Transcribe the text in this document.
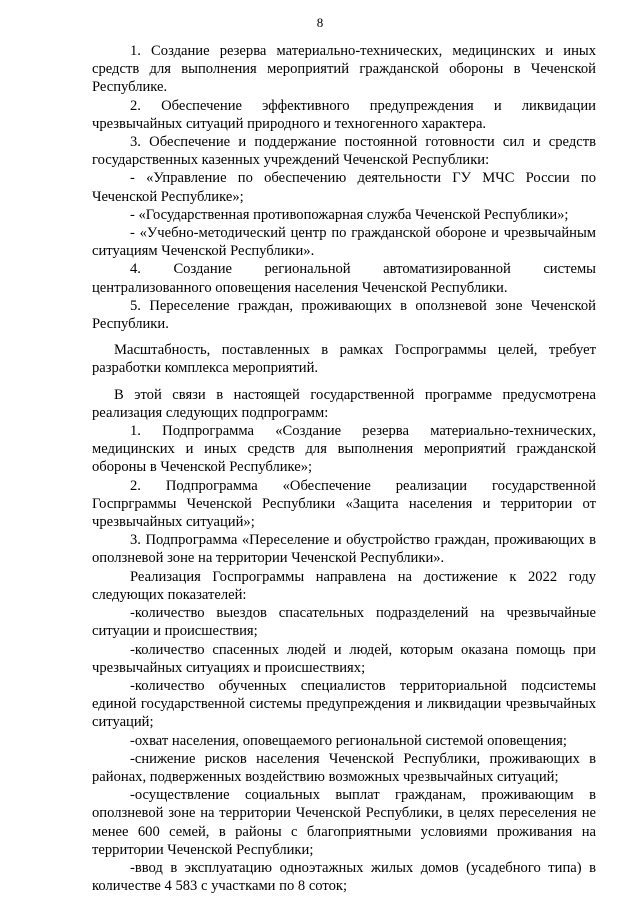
8

1. Создание резерва материально-технических, медицинских и иных средств для выполнения мероприятий гражданской обороны в Чеченской Республике.

2. Обеспечение эффективного предупреждения и ликвидации чрезвычайных ситуаций природного и техногенного характера.

3. Обеспечение и поддержание постоянной готовности сил и средств государственных казенных учреждений Чеченской Республики:

- «Управление по обеспечению деятельности ГУ МЧС России по Чеченской Республике»;

- «Государственная противопожарная служба Чеченской Республики»;

- «Учебно-методический центр по гражданской обороне и чрезвычайным ситуациям Чеченской Республики».

4. Создание региональной автоматизированной системы централизованного оповещения населения Чеченской Республики.

5. Переселение граждан, проживающих в оползневой зоне Чеченской Республики.

Масштабность, поставленных в рамках Госпрограммы целей, требует разработки комплекса мероприятий.

В этой связи в настоящей государственной программе предусмотрена реализация следующих подпрограмм:

1. Подпрограмма «Создание резерва материально-технических, медицинских и иных средств для выполнения мероприятий гражданской обороны в Чеченской Республике»;

2. Подпрограмма «Обеспечение реализации государственной Госпрграммы Чеченской Республики «Защита населения и территории от чрезвычайных ситуаций»;

3. Подпрограмма «Переселение и обустройство граждан, проживающих в оползневой зоне на территории Чеченской Республики».

Реализация Госпрограммы направлена на достижение к 2022 году следующих показателей:

-количество выездов спасательных подразделений на чрезвычайные ситуации и происшествия;

-количество спасенных людей и людей, которым оказана помощь при чрезвычайных ситуациях и происшествиях;

-количество обученных специалистов территориальной подсистемы единой государственной системы предупреждения и ликвидации чрезвычайных ситуаций;

-охват населения, оповещаемого региональной системой оповещения;

-снижение рисков населения Чеченской Республики, проживающих в районах, подверженных воздействию возможных чрезвычайных ситуаций;

-осуществление социальных выплат гражданам, проживающим в оползневой зоне на территории Чеченской Республики, в целях переселения не менее 600 семей, в районы с благоприятными условиями проживания на территории Чеченской Республики;

-ввод в эксплуатацию одноэтажных жилых домов (усадебного типа) в количестве 4 583 с участками по 8 соток;
